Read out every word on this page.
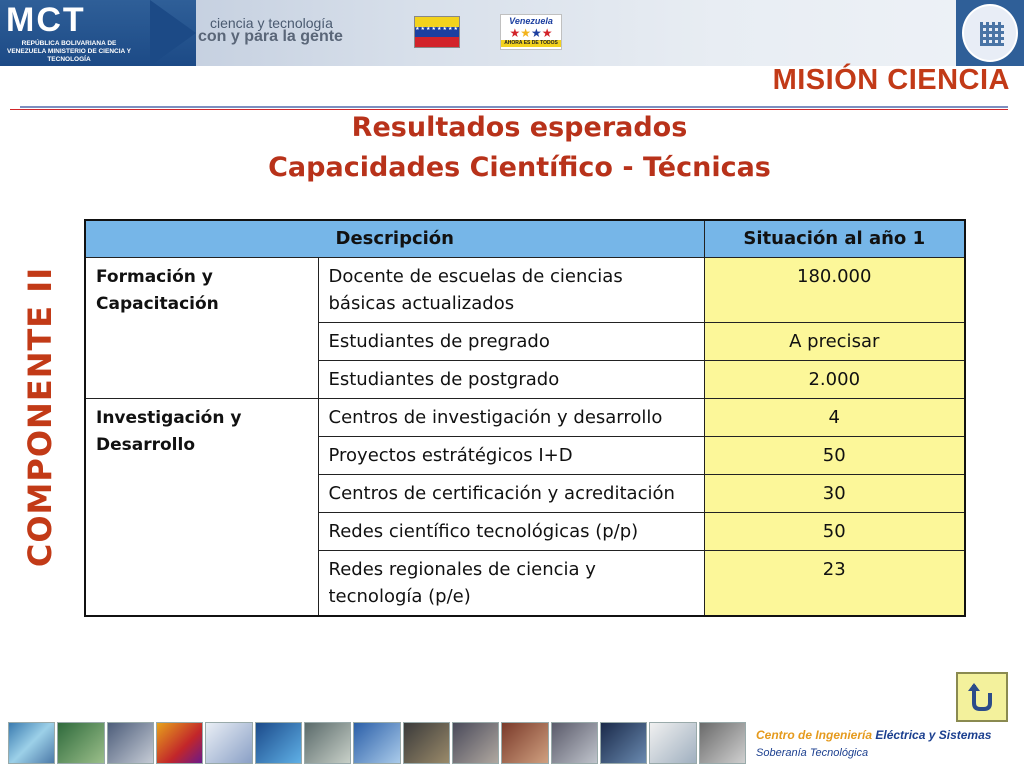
MCT
REPÚBLICA BOLIVARIANA DE VENEZUELA MINISTERIO DE CIENCIA Y TECNOLOGÍA
ciencia y tecnología
con y para la gente	★★★★★★★★
Venezuela
★★★★
AHORA ES DE TODOS
MISIÓN CIENCIA
Resultados esperados
Capacidades Científico - Técnicas
COMPONENTE II
Descripción		Situación al año 1
Formación y Capacitación	Docente de escuelas de ciencias básicas actualizados	180.000
	Estudiantes de pregrado	A precisar
	Estudiantes de postgrado	2.000
Investigación y Desarrollo	Centros de investigación y desarrollo	4
	Proyectos estrátégicos I+D	50
	Centros de certificación y acreditación	30
	Redes científico tecnológicas (p/p)	50
	Redes regionales de ciencia y tecnología (p/e)	23
Centro de Ingeniería Eléctrica y Sistemas
Soberanía Tecnológica
